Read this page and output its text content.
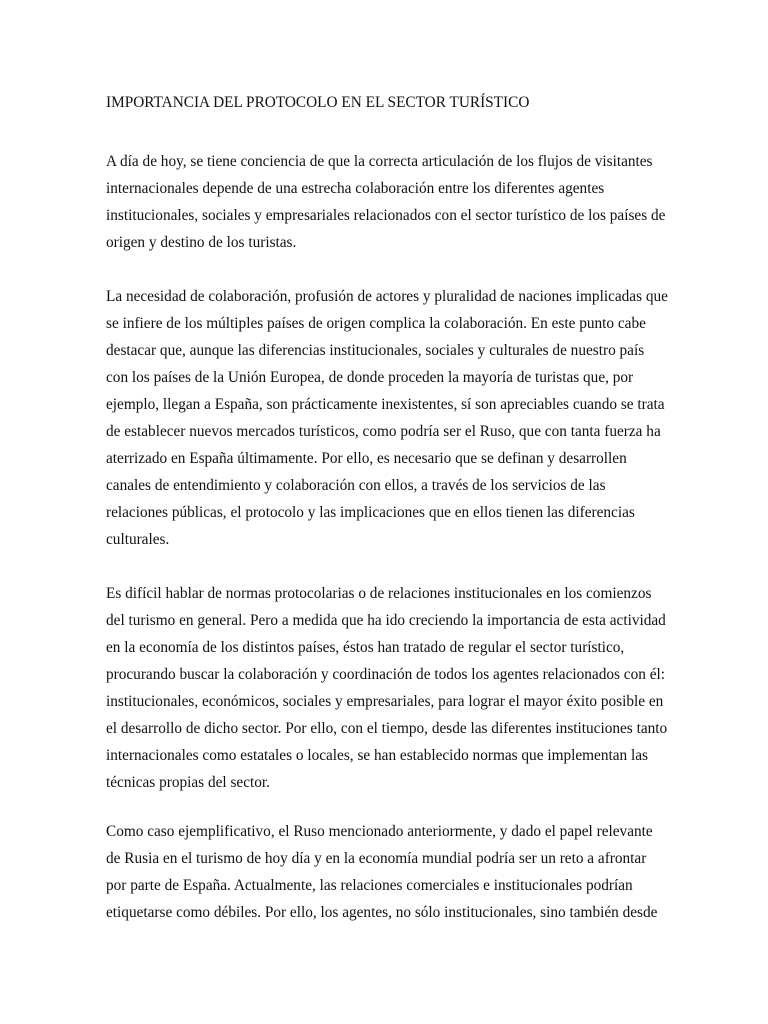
IMPORTANCIA DEL PROTOCOLO EN EL SECTOR TURÍSTICO

A día de hoy, se tiene conciencia de que la correcta articulación de los flujos de visitantes
internacionales depende de una estrecha colaboración entre los diferentes agentes
institucionales, sociales y empresariales relacionados con el sector turístico de los países de
origen y destino de los turistas.

La necesidad de colaboración, profusión de actores y pluralidad de naciones implicadas que
se infiere de los múltiples países de origen complica la colaboración. En este punto cabe
destacar que, aunque las diferencias institucionales, sociales y culturales de nuestro país
con los países de la Unión Europea, de donde proceden la mayoría de turistas que, por
ejemplo, llegan a España, son prácticamente inexistentes, sí son apreciables cuando se trata
de establecer nuevos mercados turísticos, como podría ser el Ruso, que con tanta fuerza ha
aterrizado en España últimamente. Por ello, es necesario que se definan y desarrollen
canales de entendimiento y colaboración con ellos, a través de los servicios de las
relaciones públicas, el protocolo y las implicaciones que en ellos tienen las diferencias
culturales.

Es difícil hablar de normas protocolarias o de relaciones institucionales en los comienzos
del turismo en general. Pero a medida que ha ido creciendo la importancia de esta actividad
en la economía de los distintos países, éstos han tratado de regular el sector turístico,
procurando buscar la colaboración y coordinación de todos los agentes relacionados con él:
institucionales, económicos, sociales y empresariales, para lograr el mayor éxito posible en
el desarrollo de dicho sector. Por ello, con el tiempo, desde las diferentes instituciones tanto
internacionales como estatales o locales, se han establecido normas que implementan las
técnicas propias del sector.

Como caso ejemplificativo, el Ruso mencionado anteriormente, y dado el papel relevante
de Rusia en el turismo de hoy día y en la economía mundial podría ser un reto a afrontar
por parte de España. Actualmente, las relaciones comerciales e institucionales podrían
etiquetarse como débiles. Por ello, los agentes, no sólo institucionales, sino también desde
